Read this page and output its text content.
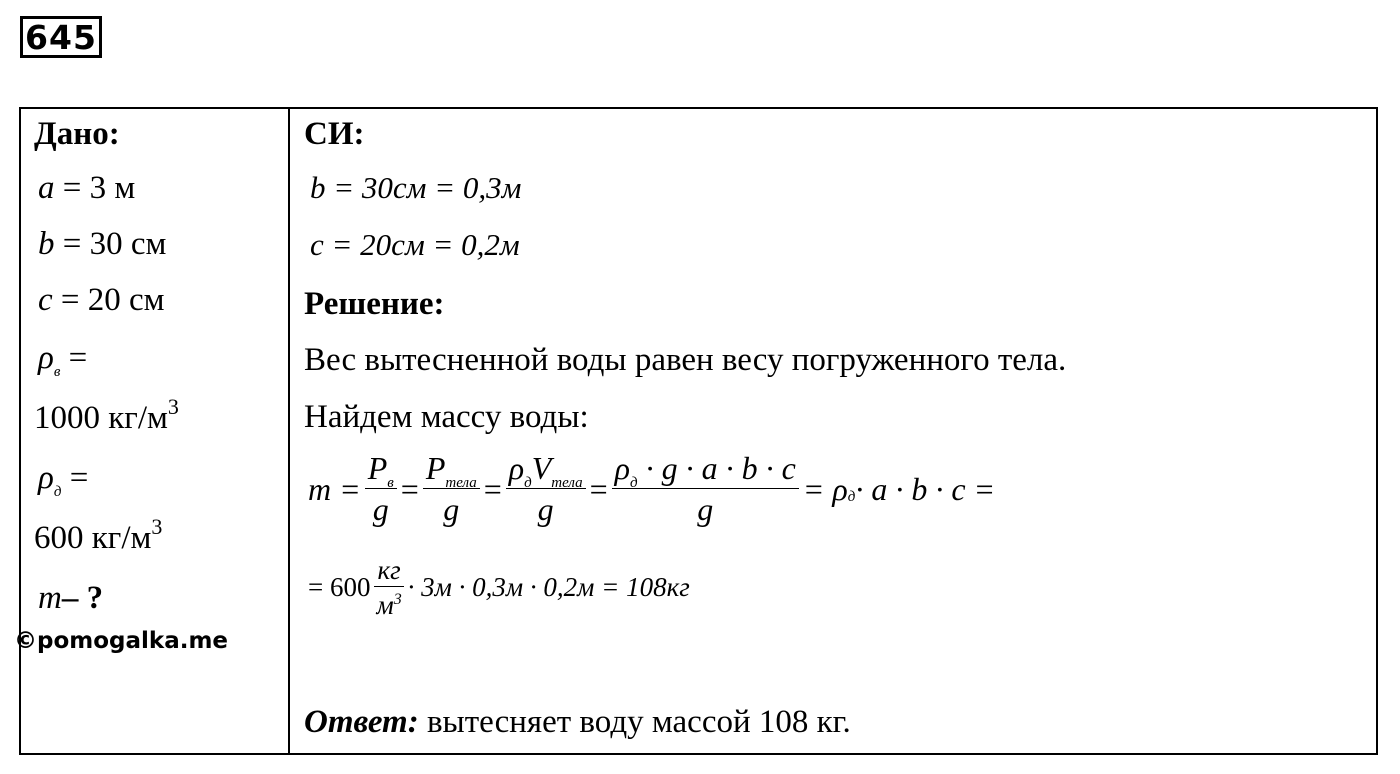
645
Дано:
a = 3 м
b = 30 см
c = 20 см
$\rho_в$ =
1000 $кг/м^3$
$\rho_д$ =
600 $кг/м^3$
m– ?
©pomogalka.me
СИ:
b = 30см = 0,3м
c = 20см = 0,2м
Решение:
Вес вытесненной воды равен весу погруженного тела.
Найдем массу воды:
$m = \frac{P_в}{g} = \frac{P_{тела}}{g} = \frac{\rho_дV_{тела}}{g} = \frac{\rho_д \cdot g \cdot a \cdot b \cdot c}{g} = \rho$ д · a · b · c =
= $600 \frac{кг}{м^3} \cdot 3м \cdot 0,3м \cdot 0,2м = 108кг$
Ответ: вытесняет воду массой 108 кг.
